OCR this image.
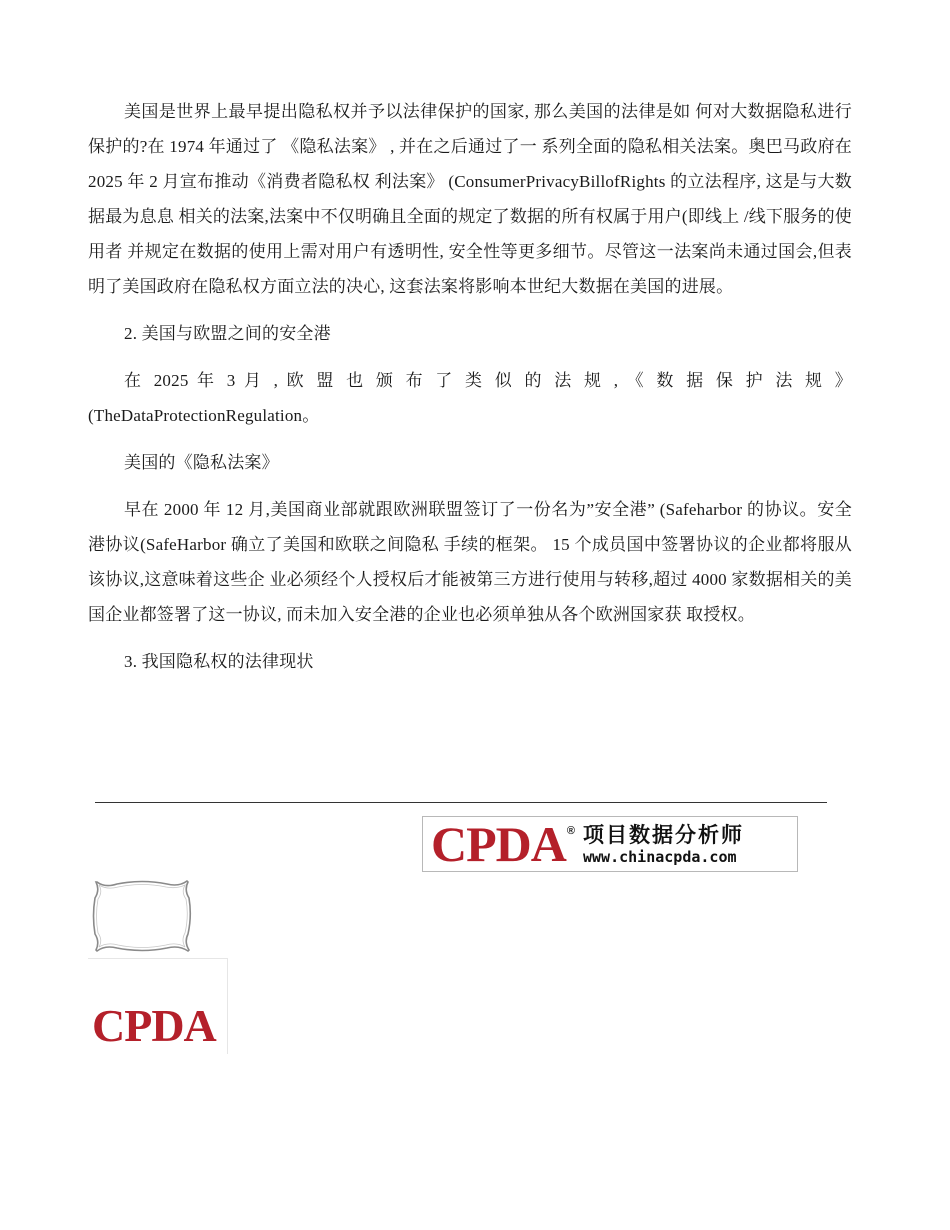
美国是世界上最早提出隐私权并予以法律保护的国家, 那么美国的法律是如 何对大数据隐私进行保护的?在 1974 年通过了 《隐私法案》 , 并在之后通过了一 系列全面的隐私相关法案。奥巴马政府在 2025 年 2 月宣布推动《消费者隐私权 利法案》 (ConsumerPrivacyBillofRights 的立法程序, 这是与大数据最为息息 相关的法案,法案中不仅明确且全面的规定了数据的所有权属于用户(即线上 /线下服务的使用者 并规定在数据的使用上需对用户有透明性, 安全性等更多细节。尽管这一法案尚未通过国会,但表明了美国政府在隐私权方面立法的决心, 这套法案将影响本世纪大数据在美国的进展。

2. 美国与欧盟之间的安全港

在 2025 年 3 月 , 欧 盟 也 颁 布 了 类 似 的 法 规 , 《 数 据 保 护 法 规 》 (TheDataProtectionRegulation。

美国的《隐私法案》

早在 2000 年 12 月,美国商业部就跟欧洲联盟签订了一份名为”安全港” (Safeharbor 的协议。安全港协议(SafeHarbor 确立了美国和欧联之间隐私 手续的框架。 15 个成员国中签署协议的企业都将服从该协议,这意味着这些企 业必须经个人授权后才能被第三方进行使用与转移,超过 4000 家数据相关的美 国企业都签署了这一协议, 而未加入安全港的企业也必须单独从各个欧洲国家获 取授权。

3. 我国隐私权的法律现状

CPDA ® 项目数据分析师
www.chinacpda.com
CPDA
